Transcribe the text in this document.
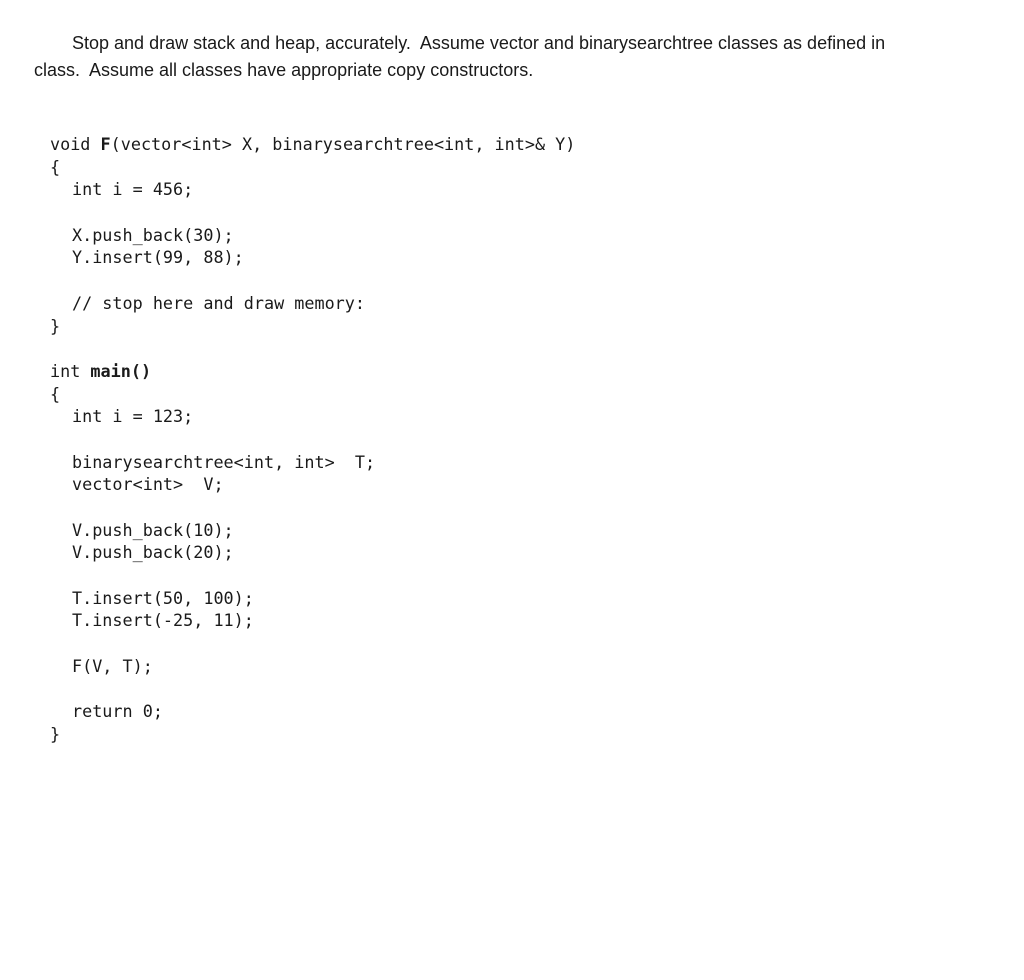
Stop and draw stack and heap, accurately.  Assume vector and binarysearchtree classes as defined in
class.  Assume all classes have appropriate copy constructors.
void F(vector<int> X, binarysearchtree<int, int>& Y)
{
int i = 456;
X.push_back(30);
Y.insert(99, 88);
// stop here and draw memory:
}
int main()
{
int i = 123;
binarysearchtree<int, int>  T;
vector<int>  V;
V.push_back(10);
V.push_back(20);
T.insert(50, 100);
T.insert(-25, 11);
F(V, T);
return 0;
}
